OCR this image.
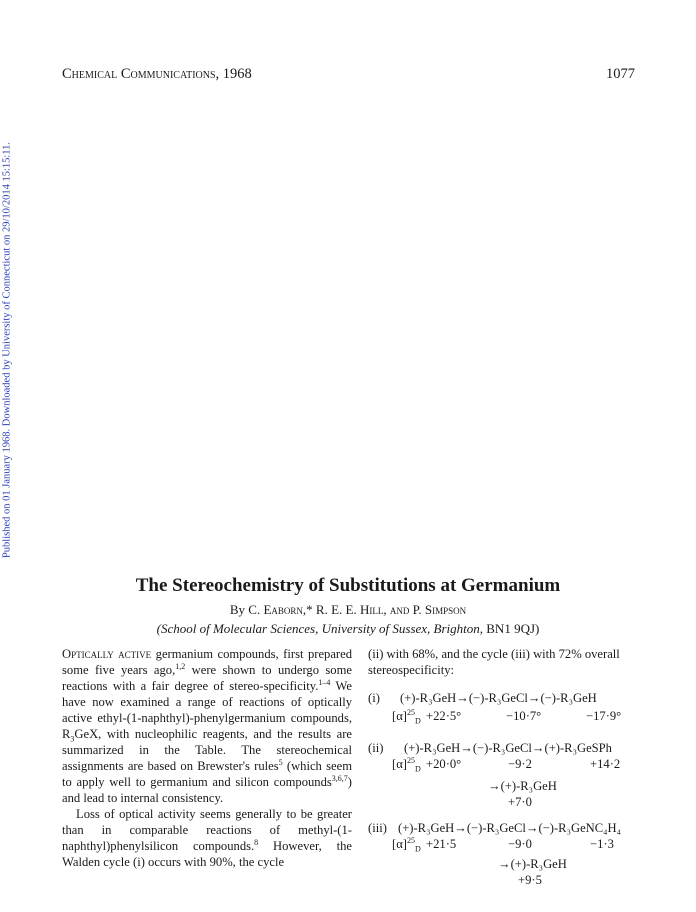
Published on 01 January 1968. Downloaded by University of Connecticut on 29/10/2014 15:15:11.
Chemical Communications, 1968	1077
The Stereochemistry of Substitutions at Germanium
By C. Eaborn,* R. E. E. Hill, and P. Simpson
(School of Molecular Sciences, University of Sussex, Brighton, BN1 9QJ)

Optically active germanium compounds, first prepared some five years ago,$^{1,2}$ were shown to undergo some reactions with a fair degree of stereo-specificity.$^{1-4}$ We have now examined a range of reactions of optically active ethyl-(1-naphthyl)-phenylgermanium compounds, $R_3GeX$, with nucleophilic reagents, and the results are summarized in the Table. The stereochemical assignments are based on Brewster's rules$^5$ (which seem to apply well to germanium and silicon compounds$^{3,6,7}$) and lead to internal consistency.

Loss of optical activity seems generally to be greater than in comparable reactions of methyl-(1-naphthyl)phenylsilicon compounds.$^8$ However, the Walden cycle (i) occurs with 90%, the cycle

(ii) with 68%, and the cycle (iii) with 72% overall stereospecificity:

(i) (+)-R₃GeH→(−)-R₃GeCl→(−)-R₃GeH
$[\alpha]^{25}_D +22\cdot 5^\circ$	−10·7°	−17·9°
(ii) (+)-R₃GeH→(−)-R₃GeCl→(+)-R₃GeSPh
$[\alpha]^{25}_D +20\cdot 0^\circ$	−9·2	+14·2
→(+)-R₃GeH
+7·0
(iii) (+)-R₃GeH→(−)-R₃GeCl→(−)-R₃GeNC₄H₄
$[\alpha]^{25}_D +21\cdot 5$	−9·0	−1·3
→(+)-R₃GeH
+9·5
